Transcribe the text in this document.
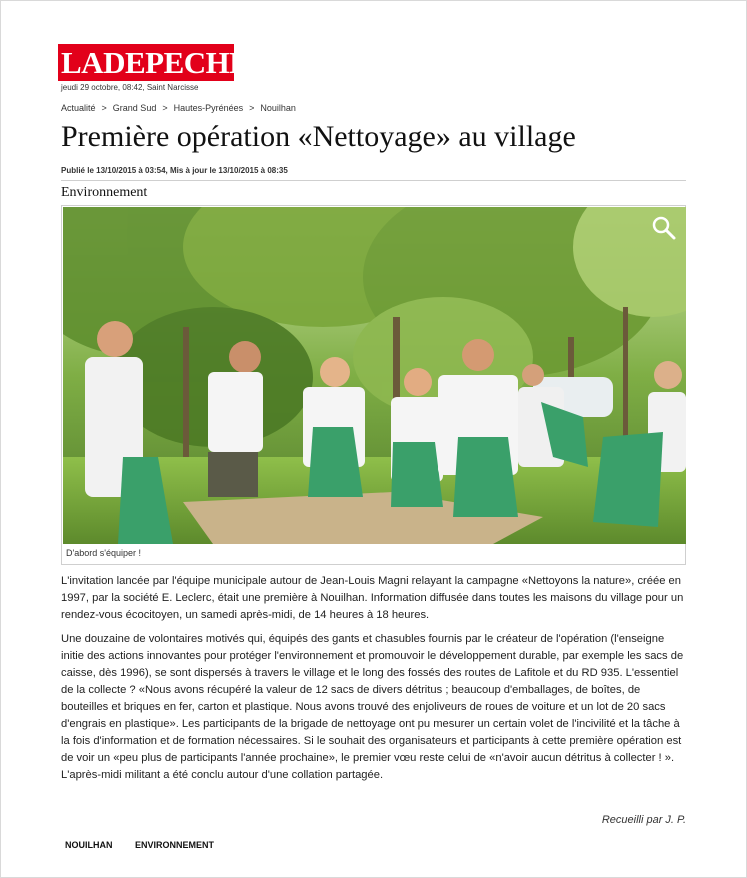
LADEPECHE.fr
jeudi 29 octobre, 08:42, Saint Narcisse
Actualité > Grand Sud > Hautes-Pyrénées > Nouilhan
Première opération «Nettoyage» au village
Publié le 13/10/2015 à 03:54, Mis à jour le 13/10/2015 à 08:35
Environnement
D'abord s'équiper !

L'invitation lancée par l'équipe municipale autour de Jean-Louis Magni relayant la campagne «Nettoyons la nature», créée en 1997, par la société E. Leclerc, était une première à Nouilhan. Information diffusée dans toutes les maisons du village pour un rendez-vous écocitoyen, un samedi après-midi, de 14 heures à 18 heures.

Une douzaine de volontaires motivés qui, équipés des gants et chasubles fournis par le créateur de l'opération (l'enseigne initie des actions innovantes pour protéger l'environnement et promouvoir le développement durable, par exemple les sacs de caisse, dès 1996), se sont dispersés à travers le village et le long des fossés des routes de Lafitole et du RD 935. L'essentiel de la collecte ? «Nous avons récupéré la valeur de 12 sacs de divers détritus ; beaucoup d'emballages, de boîtes, de bouteilles et briques en fer, carton et plastique. Nous avons trouvé des enjoliveurs de roues de voiture et un lot de 20 sacs d'engrais en plastique». Les participants de la brigade de nettoyage ont pu mesurer un certain volet de l'incivilité et la tâche à la fois d'information et de formation nécessaires. Si le souhait des organisateurs et participants à cette première opération est de voir un «peu plus de participants l'année prochaine», le premier vœu reste celui de «n'avoir aucun détritus à collecter ! ». L'après-midi militant a été conclu autour d'une collation partagée.

Recueilli par J. P.
NOUILHAN	ENVIRONNEMENT
